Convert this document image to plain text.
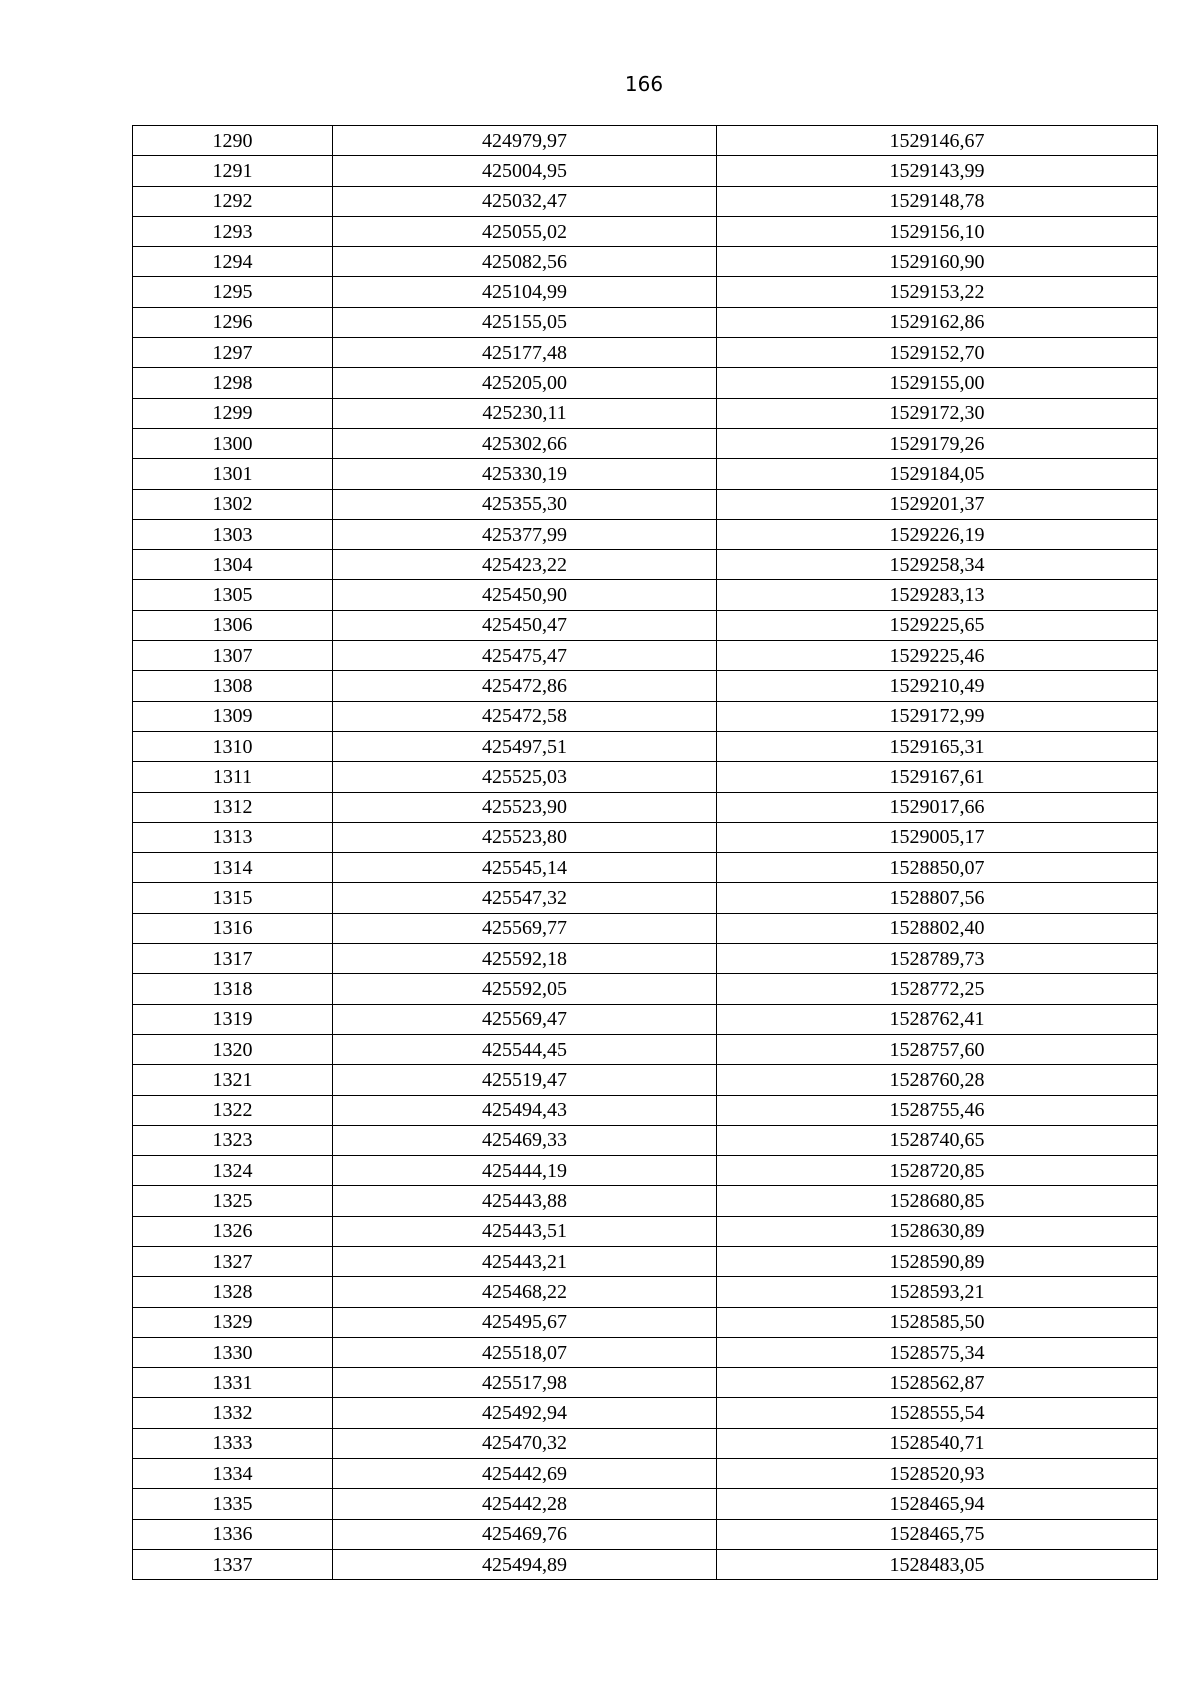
166
1290	424979,97	1529146,67
1291	425004,95	1529143,99
1292	425032,47	1529148,78
1293	425055,02	1529156,10
1294	425082,56	1529160,90
1295	425104,99	1529153,22
1296	425155,05	1529162,86
1297	425177,48	1529152,70
1298	425205,00	1529155,00
1299	425230,11	1529172,30
1300	425302,66	1529179,26
1301	425330,19	1529184,05
1302	425355,30	1529201,37
1303	425377,99	1529226,19
1304	425423,22	1529258,34
1305	425450,90	1529283,13
1306	425450,47	1529225,65
1307	425475,47	1529225,46
1308	425472,86	1529210,49
1309	425472,58	1529172,99
1310	425497,51	1529165,31
1311	425525,03	1529167,61
1312	425523,90	1529017,66
1313	425523,80	1529005,17
1314	425545,14	1528850,07
1315	425547,32	1528807,56
1316	425569,77	1528802,40
1317	425592,18	1528789,73
1318	425592,05	1528772,25
1319	425569,47	1528762,41
1320	425544,45	1528757,60
1321	425519,47	1528760,28
1322	425494,43	1528755,46
1323	425469,33	1528740,65
1324	425444,19	1528720,85
1325	425443,88	1528680,85
1326	425443,51	1528630,89
1327	425443,21	1528590,89
1328	425468,22	1528593,21
1329	425495,67	1528585,50
1330	425518,07	1528575,34
1331	425517,98	1528562,87
1332	425492,94	1528555,54
1333	425470,32	1528540,71
1334	425442,69	1528520,93
1335	425442,28	1528465,94
1336	425469,76	1528465,75
1337	425494,89	1528483,05
